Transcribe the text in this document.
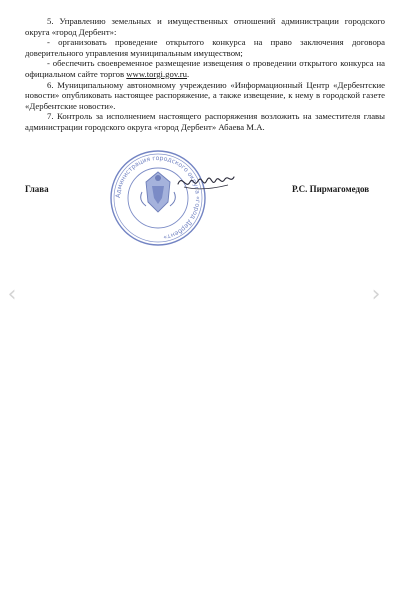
5. Управлению земельных и имущественных отношений администрации городского округа «город Дербент»:

- организовать проведение открытого конкурса на право заключения договора доверительного управления муниципальным имуществом;

- обеспечить своевременное размещение извещения о проведении открытого конкурса на официальном сайте торгов www.torgi.gov.ru.

6. Муниципальному автономному учреждению «Информационный Центр «Дербентские новости» опубликовать настоящее распоряжение, а также извещение, к нему в городской газете «Дербентские новости».

7. Контроль за исполнением настоящего распоряжения возложить на заместителя главы администрации городского округа «город Дербент» Абаева М.А.

Глава	Р.С. Пирмагомедов
Администрация городского округа «город Дербент»
‹	›
